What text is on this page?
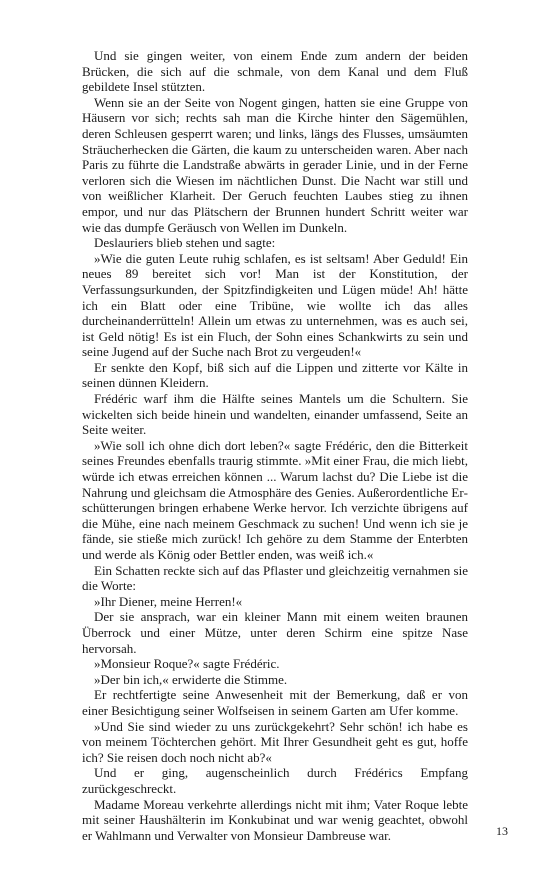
Und sie gingen weiter, von einem Ende zum andern der beiden Brücken, die sich auf die schmale, von dem Kanal und dem Fluß gebildete Insel stützten.

Wenn sie an der Seite von Nogent gingen, hatten sie eine Gruppe von Häusern vor sich; rechts sah man die Kirche hinter den Sägemühlen, deren Schleusen gesperrt waren; und links, längs des Flusses, umsäumten Sträucherhecken die Gärten, die kaum zu unterscheiden waren. Aber nach Paris zu führte die Landstraße abwärts in gerader Linie, und in der Ferne verloren sich die Wiesen im nächtlichen Dunst. Die Nacht war still und von weißlicher Klarheit. Der Geruch feuchten Laubes stieg zu ihnen empor, und nur das Plätschern der Brunnen hundert Schritt weiter war wie das dumpfe Geräusch von Wellen im Dunkeln.

Deslauriers blieb stehen und sagte:

»Wie die guten Leute ruhig schlafen, es ist seltsam! Aber Geduld! Ein neues 89 bereitet sich vor! Man ist der Konstitution, der Verfassungsurkunden, der Spitzfindigkeiten und Lügen müde! Ah! hätte ich ein Blatt oder eine Tribüne, wie wollte ich das alles durcheinanderrütteln! Allein um etwas zu unternehmen, was es auch sei, ist Geld nötig! Es ist ein Fluch, der Sohn eines Schankwirts zu sein und seine Jugend auf der Suche nach Brot zu vergeuden!«

Er senkte den Kopf, biß sich auf die Lippen und zitterte vor Kälte in seinen dünnen Kleidern.

Frédéric warf ihm die Hälfte seines Mantels um die Schultern. Sie wickelten sich beide hinein und wandelten, einander umfassend, Seite an Seite weiter.

»Wie soll ich ohne dich dort leben?« sagte Frédéric, den die Bitterkeit seines Freundes ebenfalls traurig stimmte. »Mit einer Frau, die mich liebt, würde ich etwas erreichen können ... Warum lachst du? Die Liebe ist die Nahrung und gleichsam die Atmosphäre des Genies. Außerordentliche Erschütterungen bringen erhabene Werke hervor. Ich verzichte übrigens auf die Mühe, eine nach meinem Geschmack zu suchen! Und wenn ich sie je fände, sie stieße mich zurück! Ich gehöre zu dem Stamme der Enterbten und werde als König oder Bettler enden, was weiß ich.«

Ein Schatten reckte sich auf das Pflaster und gleichzeitig vernahmen sie die Worte:

»Ihr Diener, meine Herren!«

Der sie ansprach, war ein kleiner Mann mit einem weiten braunen Überrock und einer Mütze, unter deren Schirm eine spitze Nase hervorsah.

»Monsieur Roque?« sagte Frédéric.

»Der bin ich,« erwiderte die Stimme.

Er rechtfertigte seine Anwesenheit mit der Bemerkung, daß er von einer Besichtigung seiner Wolfseisen in seinem Garten am Ufer komme.

»Und Sie sind wieder zu uns zurückgekehrt? Sehr schön! ich habe es von meinem Töchterchen gehört. Mit Ihrer Gesundheit geht es gut, hoffe ich? Sie reisen doch noch nicht ab?«

Und er ging, augenscheinlich durch Frédérics Empfang zurückgeschreckt.

Madame Moreau verkehrte allerdings nicht mit ihm; Vater Roque lebte mit seiner Haushälterin im Konkubinat und war wenig geachtet, obwohl er Wahlmann und Verwalter von Monsieur Dambreuse war.	13
